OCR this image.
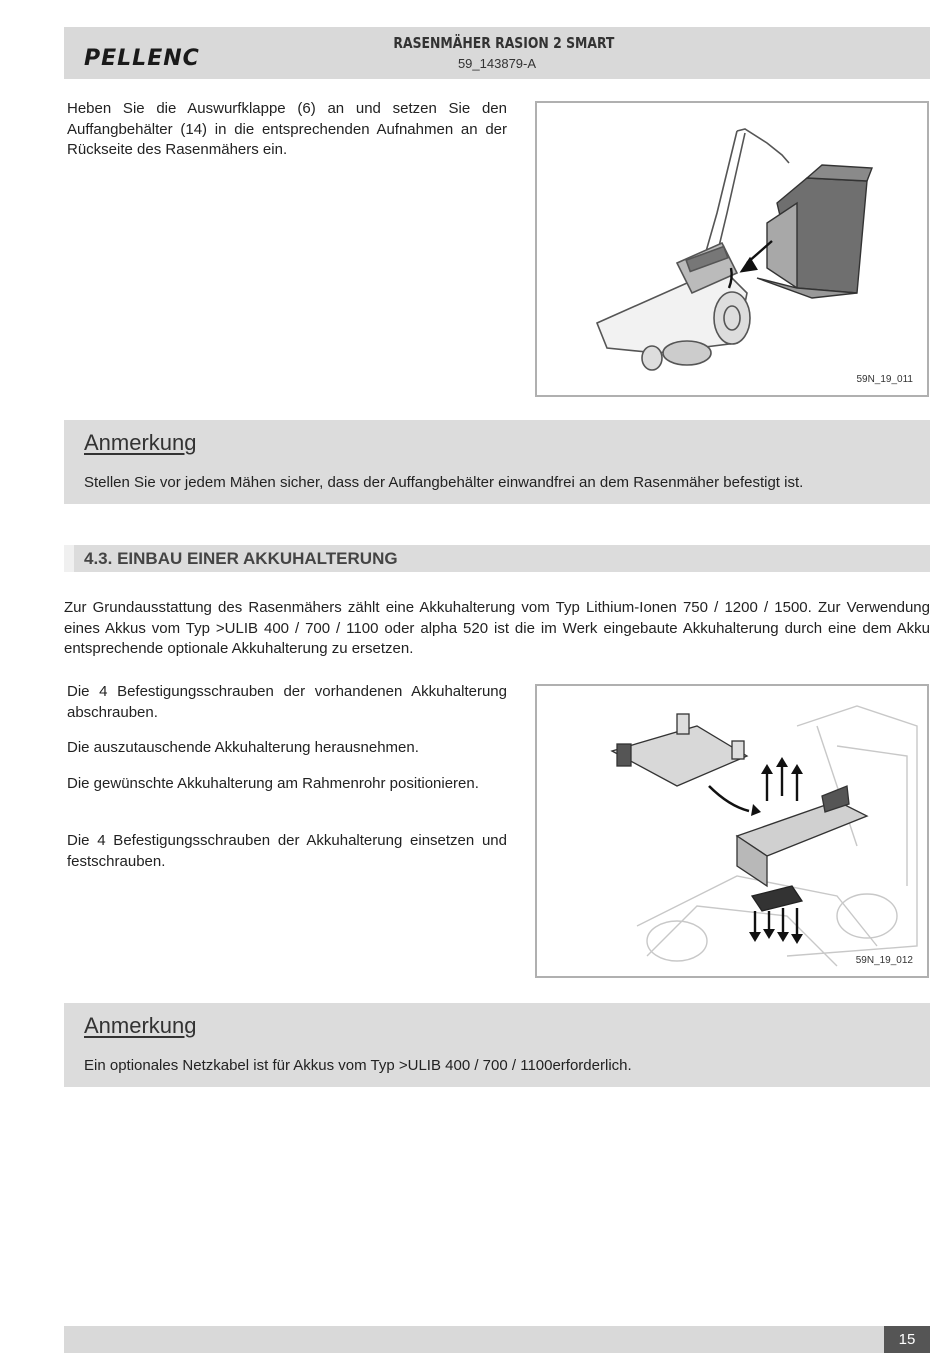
PELLENC
RASENMÄHER RASION 2 SMART
59_143879-A

Heben Sie die Auswurfklappe (6) an und setzen Sie den Auffangbehälter (14) in die entsprechenden Aufnahmen an der Rückseite des Rasenmähers ein.

59N_19_011
Anmerkung
Stellen Sie vor jedem Mähen sicher, dass der Auffangbehälter einwandfrei an dem Rasenmäher befestigt ist.
4.3. EINBAU EINER AKKUHALTERUNG

Zur Grundausstattung des Rasenmähers zählt eine Akkuhalterung vom Typ Lithium-Ionen 750 / 1200 / 1500. Zur Verwendung eines Akkus vom Typ >ULIB 400 / 700 / 1100 oder alpha 520 ist die im Werk eingebaute Akkuhalterung durch eine dem Akku entsprechende optionale Akkuhalterung zu ersetzen.

Die 4 Befestigungsschrauben der vorhandenen Akkuhalterung abschrauben.

Die auszutauschende Akkuhalterung herausnehmen.

Die gewünschte Akkuhalterung am Rahmenrohr positionieren.

Die 4 Befestigungsschrauben der Akkuhalterung einsetzen und festschrauben.

59N_19_012
Anmerkung
Ein optionales Netzkabel ist für Akkus vom Typ >ULIB 400 / 700 / 1100erforderlich.
15
